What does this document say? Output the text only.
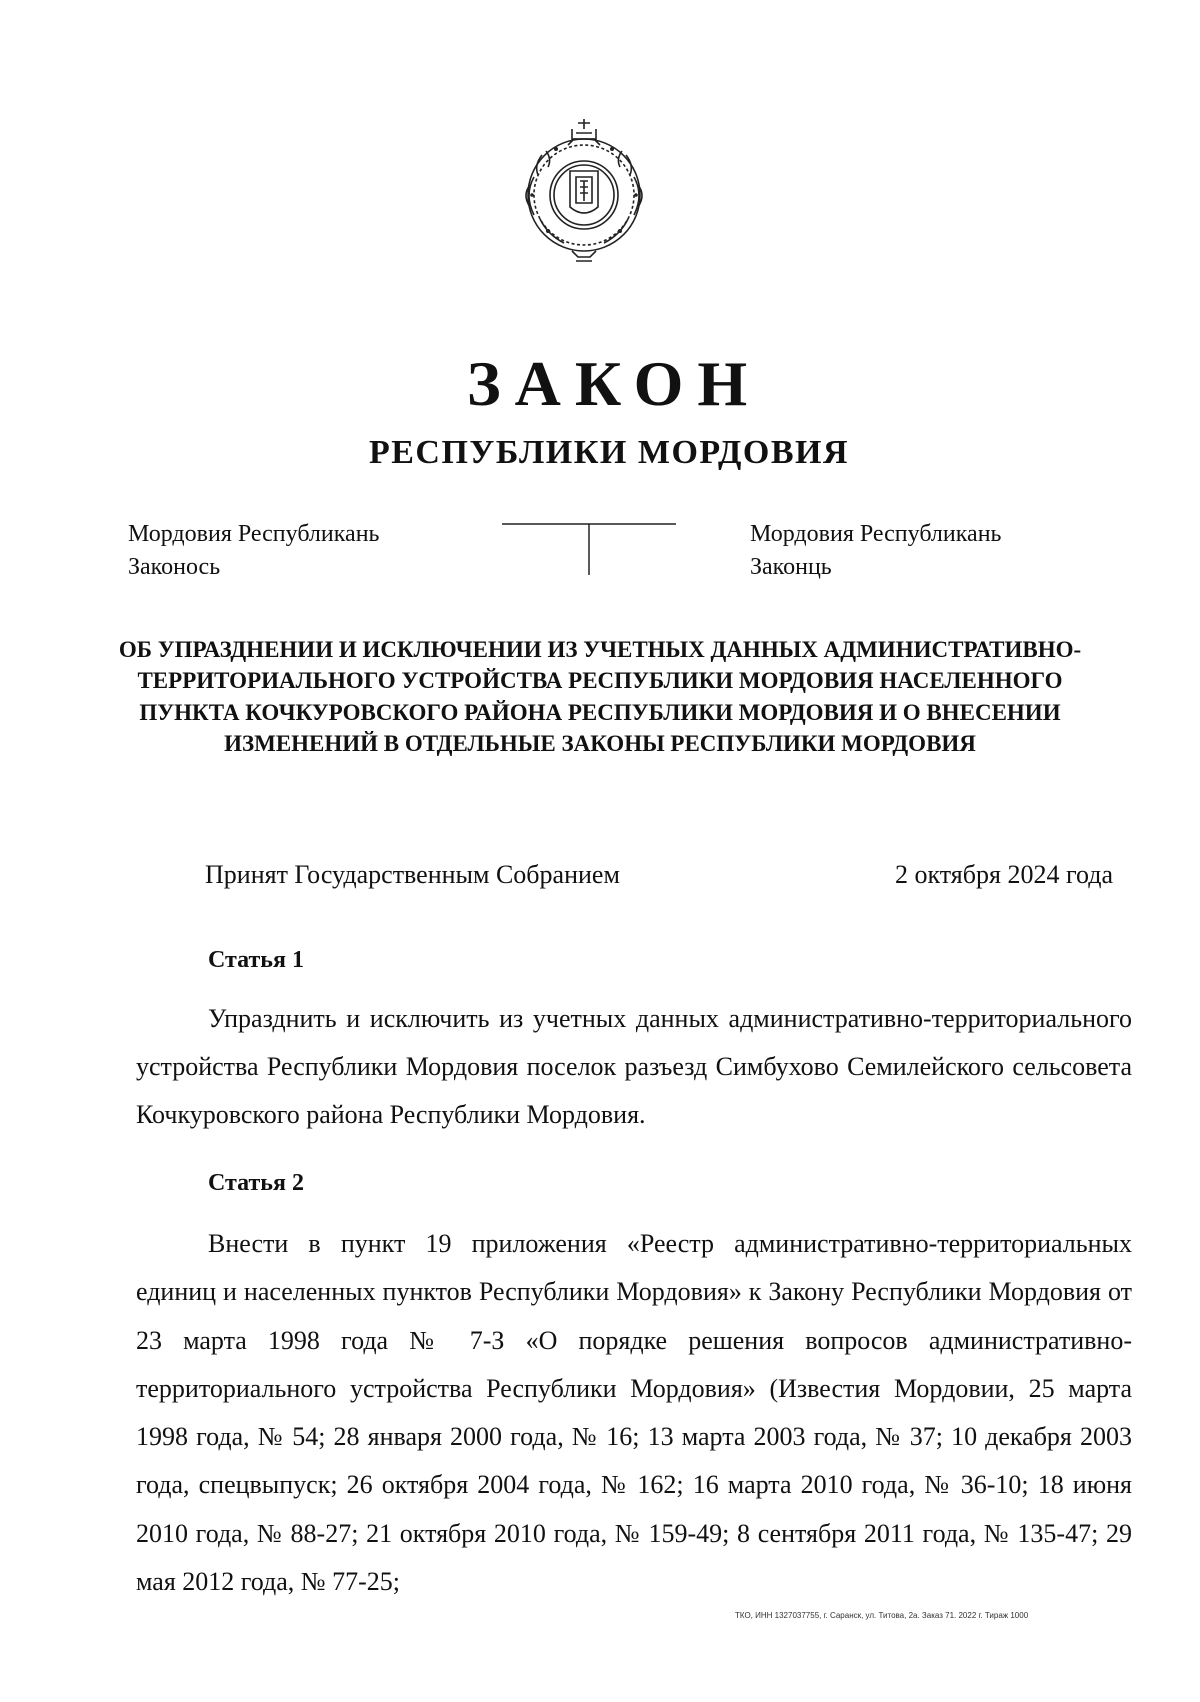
ЗАКОН
РЕСПУБЛИКИ МОРДОВИЯ
Мордовия Республикань
Законось
Мордовия Республикань
Законць

ОБ УПРАЗДНЕНИИ И ИСКЛЮЧЕНИИ ИЗ УЧЕТНЫХ ДАННЫХ АДМИНИСТРАТИВНО-ТЕРРИТОРИАЛЬНОГО УСТРОЙСТВА РЕСПУБЛИКИ МОРДОВИЯ НАСЕЛЕННОГО ПУНКТА КОЧКУРОВСКОГО РАЙОНА РЕСПУБЛИКИ МОРДОВИЯ И О ВНЕСЕНИИ ИЗМЕНЕНИЙ В ОТДЕЛЬНЫЕ ЗАКОНЫ РЕСПУБЛИКИ МОРДОВИЯ

Принят Государственным Собранием	2 октября 2024 года
Статья 1

Упразднить и исключить из учетных данных административно-территориального устройства Республики Мордовия поселок разъезд Симбухово Семилейского сельсовета Кочкуровского района Республики Мордовия.

Статья 2

Внести в пункт 19 приложения «Реестр административно-территориальных единиц и населенных пунктов Республики Мордовия» к Закону Республики Мордовия от 23 марта 1998 года № 7-З «О порядке решения вопросов административно-территориального устройства Республики Мордовия» (Известия Мордовии, 25 марта 1998 года, № 54; 28 января 2000 года, № 16; 13 марта 2003 года, № 37; 10 декабря 2003 года, спецвыпуск; 26 октября 2004 года, № 162; 16 марта 2010 года, № 36-10; 18 июня 2010 года, № 88-27; 21 октября 2010 года, № 159-49; 8 сентября 2011 года, № 135-47; 29 мая 2012 года, № 77-25;

ТКО, ИНН 1327037755, г. Саранск, ул. Титова, 2а. Заказ 71. 2022 г. Тираж 1000
